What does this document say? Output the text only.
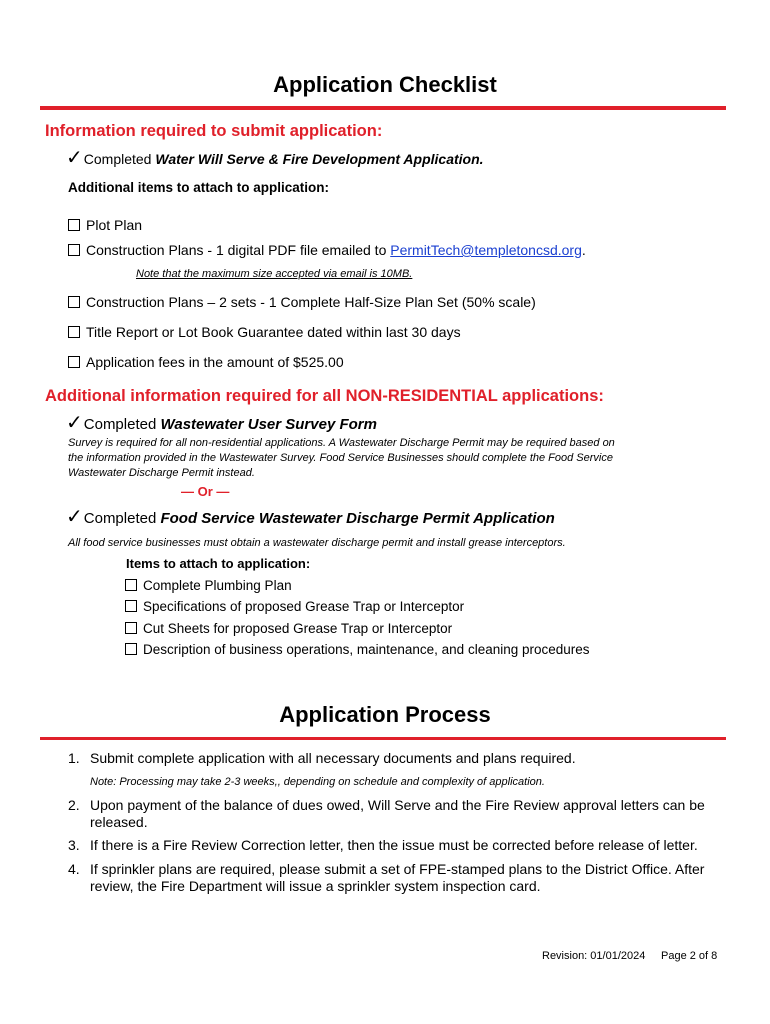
Application Checklist
Information required to submit application:
✓Completed Water Will Serve & Fire Development Application.
Additional items to attach to application:
Plot Plan
Construction Plans - 1 digital PDF file emailed to PermitTech@templetoncsd.org.
Note that the maximum size accepted via email is 10MB.
Construction Plans – 2 sets - 1 Complete Half-Size Plan Set (50% scale)
Title Report or Lot Book Guarantee dated within last 30 days
Application fees in the amount of $525.00
Additional information required for all NON-RESIDENTIAL applications:
✓Completed Wastewater User Survey Form
Survey is required for all non-residential applications. A Wastewater Discharge Permit may be required based on
the information provided in the Wastewater Survey. Food Service Businesses should complete the Food Service
Wastewater Discharge Permit instead.
— Or —
✓Completed Food Service Wastewater Discharge Permit Application
All food service businesses must obtain a wastewater discharge permit and install grease interceptors.
Items to attach to application:
Complete Plumbing Plan
Specifications of proposed Grease Trap or Interceptor
Cut Sheets for proposed Grease Trap or Interceptor
Description of business operations, maintenance, and cleaning procedures
Application Process
1. Submit complete application with all necessary documents and plans required.
Note: Processing may take 2-3 weeks,, depending on schedule and complexity of application.
2. Upon payment of the balance of dues owed, Will Serve and the Fire Review approval letters can be released.
3. If there is a Fire Review Correction letter, then the issue must be corrected before release of letter.
4. If sprinkler plans are required, please submit a set of FPE-stamped plans to the District Office. After review, the Fire Department will issue a sprinkler system inspection card.
Revision: 01/01/2024 Page 2 of 8
